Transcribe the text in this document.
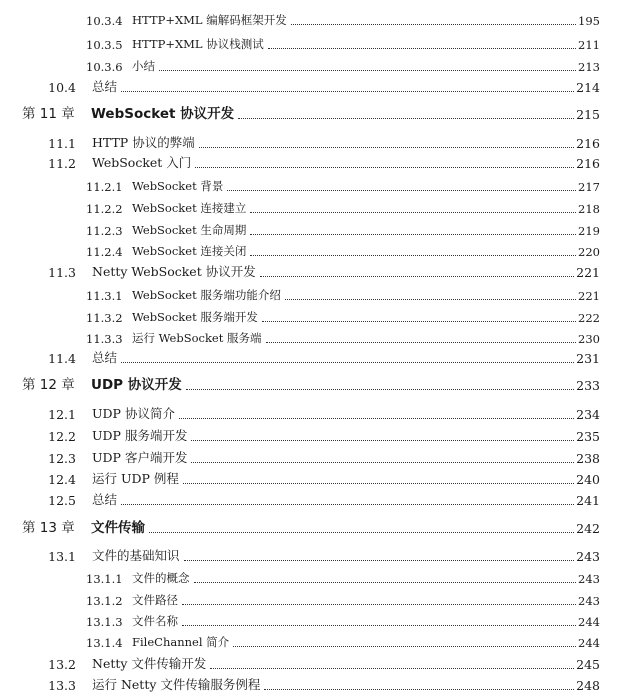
10.3.4 HTTP+XML 编解码框架开发	195
10.3.5 HTTP+XML 协议栈测试	211
10.3.6 小结	213
10.4 总结	214
第 11 章 WebSocket 协议开发	215
11.1 HTTP 协议的弊端	216
11.2 WebSocket 入门	216
11.2.1 WebSocket 背景	217
11.2.2 WebSocket 连接建立	218
11.2.3 WebSocket 生命周期	219
11.2.4 WebSocket 连接关闭	220
11.3 Netty WebSocket 协议开发	221
11.3.1 WebSocket 服务端功能介绍	221
11.3.2 WebSocket 服务端开发	222
11.3.3 运行 WebSocket 服务端	230
11.4 总结	231
第 12 章 UDP 协议开发	233
12.1 UDP 协议简介	234
12.2 UDP 服务端开发	235
12.3 UDP 客户端开发	238
12.4 运行 UDP 例程	240
12.5 总结	241
第 13 章 文件传输	242
13.1 文件的基础知识	243
13.1.1 文件的概念	243
13.1.2 文件路径	243
13.1.3 文件名称	244
13.1.4 FileChannel 简介	244
13.2 Netty 文件传输开发	245
13.3 运行 Netty 文件传输服务例程	248
